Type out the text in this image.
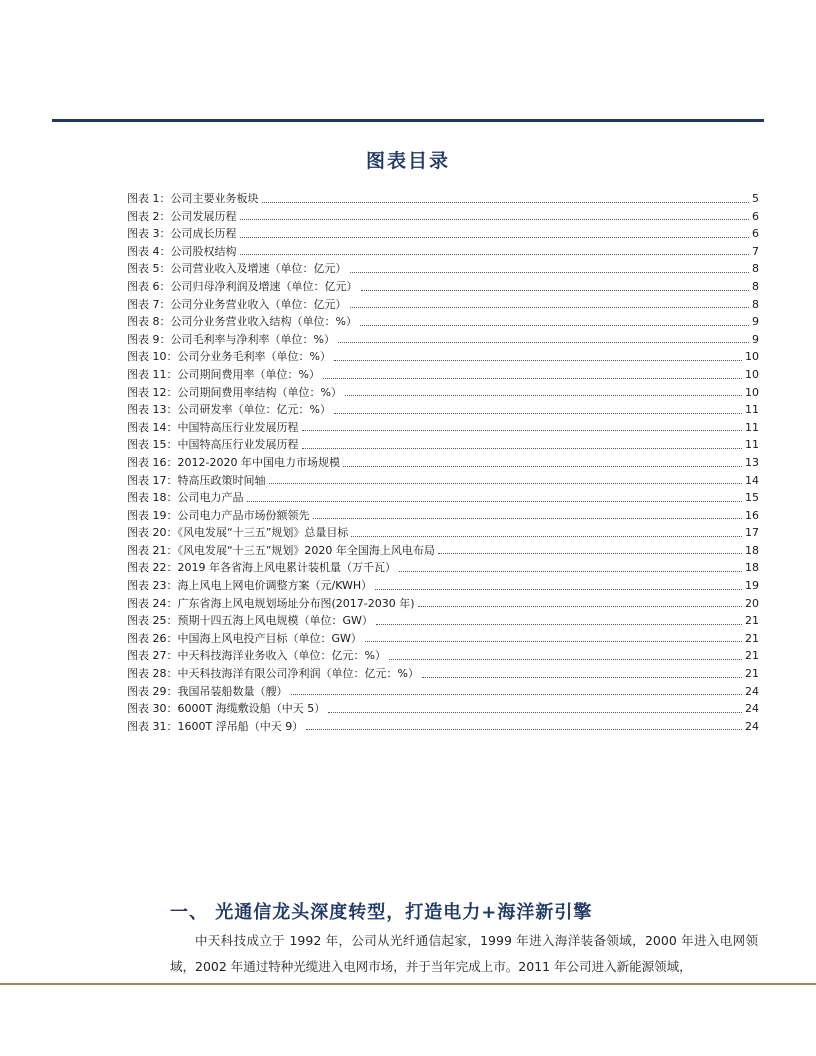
图表目录
图表 1：公司主要业务板块	5
图表 2：公司发展历程	6
图表 3：公司成长历程	6
图表 4：公司股权结构	7
图表 5：公司营业收入及增速（单位：亿元）	8
图表 6：公司归母净利润及增速（单位：亿元）	8
图表 7：公司分业务营业收入（单位：亿元）	8
图表 8：公司分业务营业收入结构（单位：%）	9
图表 9：公司毛利率与净利率（单位：%）	9
图表 10：公司分业务毛利率（单位：%）	10
图表 11：公司期间费用率（单位：%）	10
图表 12：公司期间费用率结构（单位：%）	10
图表 13：公司研发率（单位：亿元：%）	11
图表 14：中国特高压行业发展历程	11
图表 15：中国特高压行业发展历程	11
图表 16：2012-2020 年中国电力市场规模	13
图表 17：特高压政策时间轴	14
图表 18：公司电力产品	15
图表 19：公司电力产品市场份额领先	16
图表 20：《风电发展“十三五”规划》总量目标	17
图表 21：《风电发展“十三五”规划》2020 年全国海上风电布局	18
图表 22：2019 年各省海上风电累计装机量（万千瓦）	18
图表 23：海上风电上网电价调整方案（元/KWH）	19
图表 24：广东省海上风电规划场址分布图(2017-2030 年)	20
图表 25：预期十四五海上风电规模（单位：GW）	21
图表 26：中国海上风电投产目标（单位：GW）	21
图表 27：中天科技海洋业务收入（单位：亿元：%）	21
图表 28：中天科技海洋有限公司净利润（单位：亿元：%）	21
图表 29：我国吊装船数量（艘）	24
图表 30：6000T 海缆敷设船（中天 5）	24
图表 31：1600T 浮吊船（中天 9）	24
一、 光通信龙头深度转型，打造电力+海洋新引擎
中天科技成立于 1992 年，公司从光纤通信起家，1999 年进入海洋装备领域，2000 年进入电网领域，2002 年通过特种光缆进入电网市场，并于当年完成上市。2011 年公司进入新能源领域，
